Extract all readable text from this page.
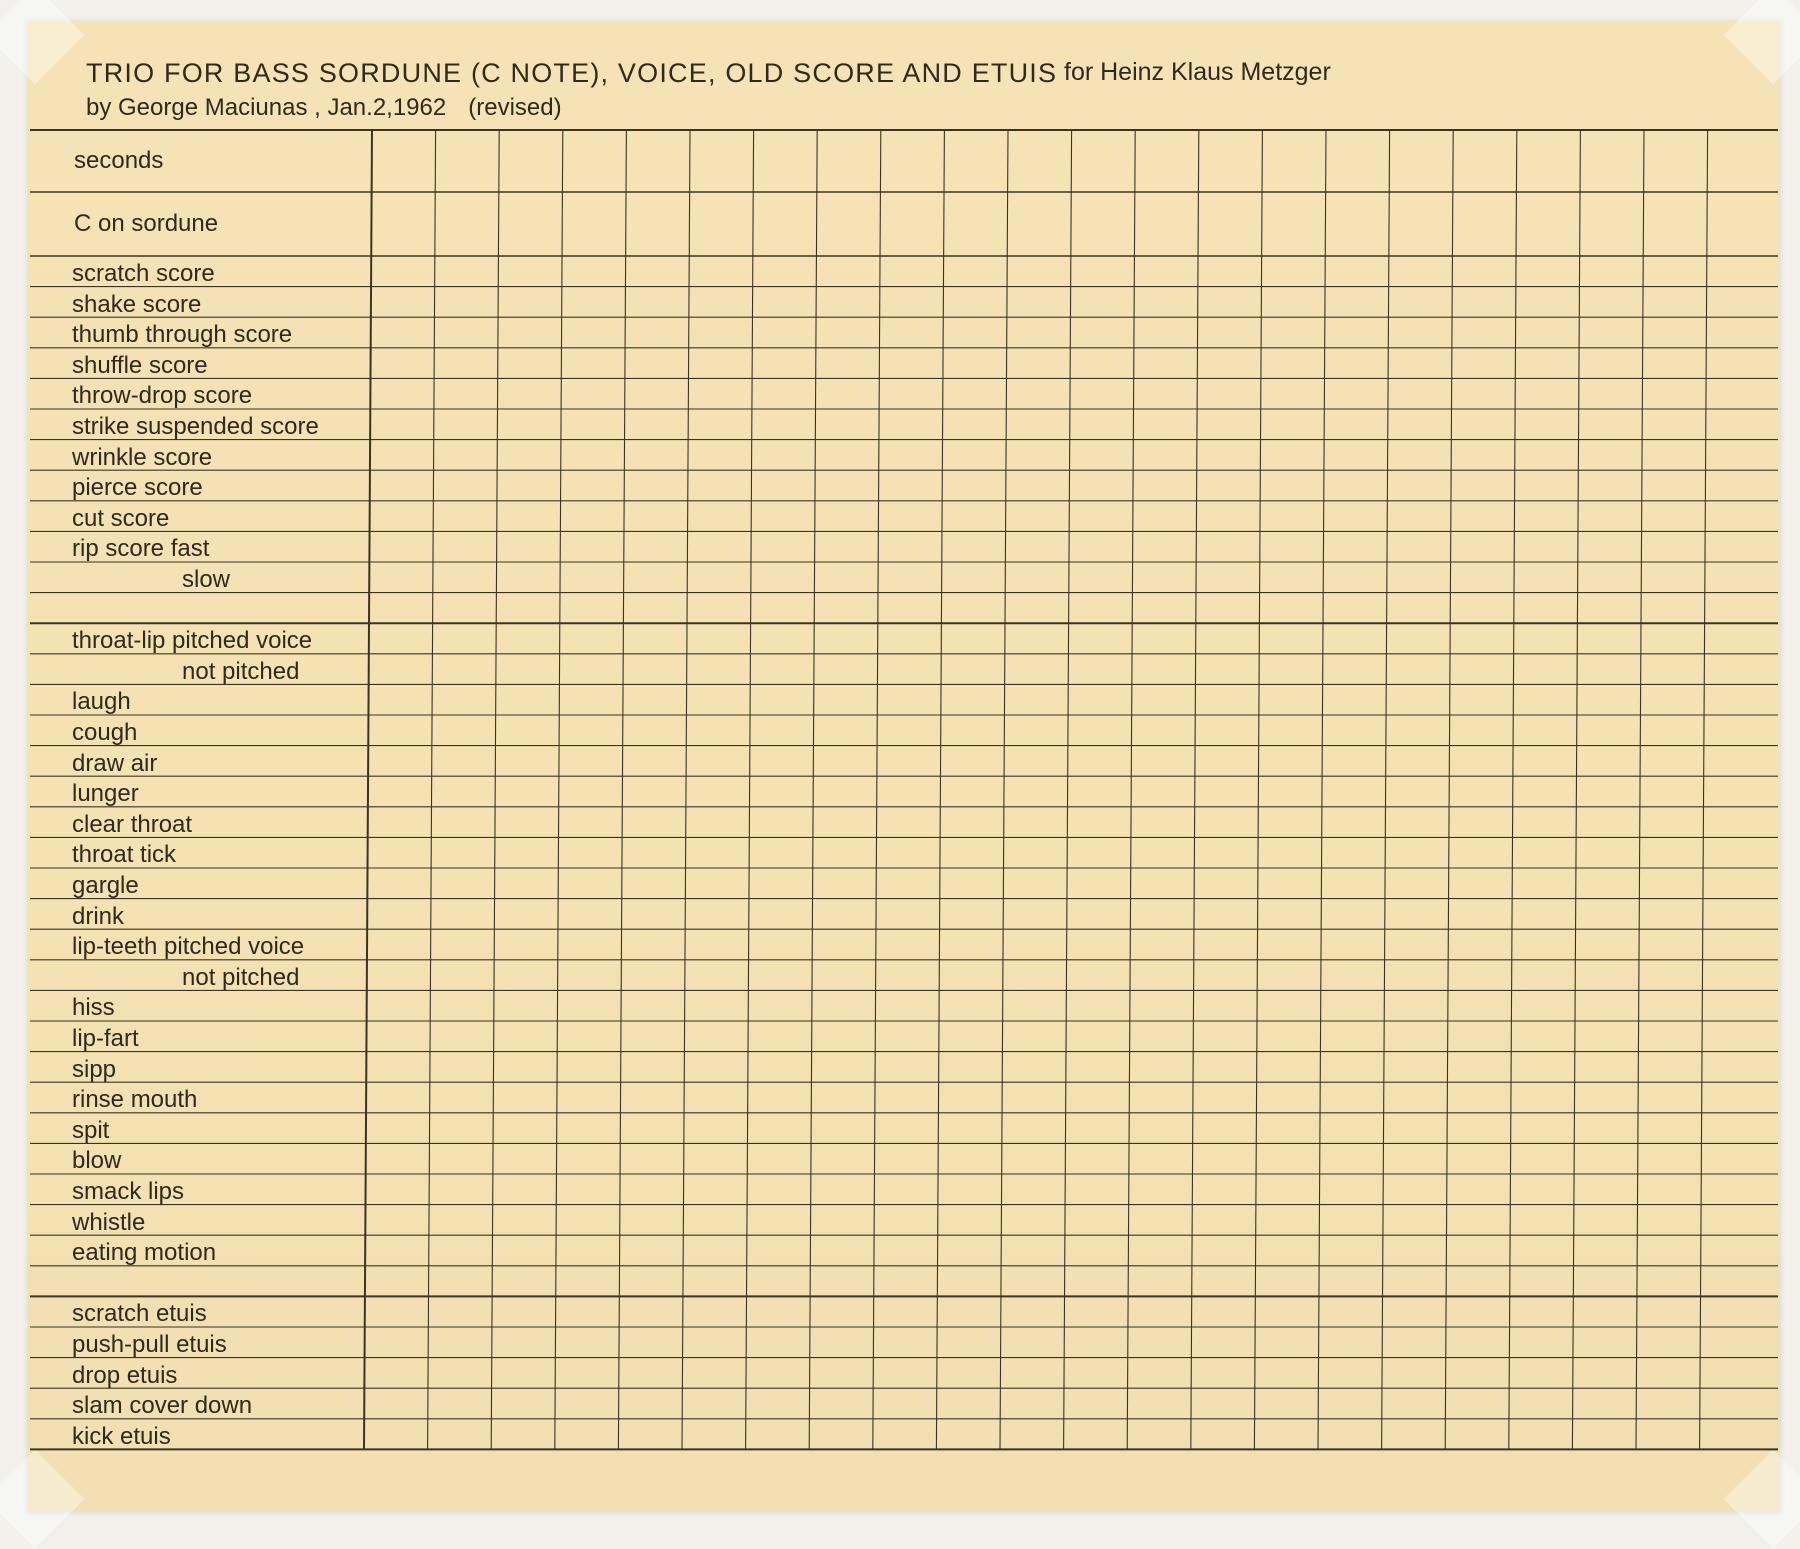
TRIO FOR BASS SORDUNE (C NOTE), VOICE, OLD SCORE AND ETUIS for Heinz Klaus Metzger
by George Maciunas , Jan.2,1962 (revised)
seconds
C on sordune
scratch score
shake score
thumb through score
shuffle score
throw-drop score
strike suspended score
wrinkle score
pierce score
cut score
rip score fast
slow
throat-lip pitched voice
not pitched
laugh
cough
draw air
lunger
clear throat
throat tick
gargle
drink
lip-teeth pitched voice
not pitched
hiss
lip-fart
sipp
rinse mouth
spit
blow
smack lips
whistle
eating motion
scratch etuis
push-pull etuis
drop etuis
slam cover down
kick etuis
